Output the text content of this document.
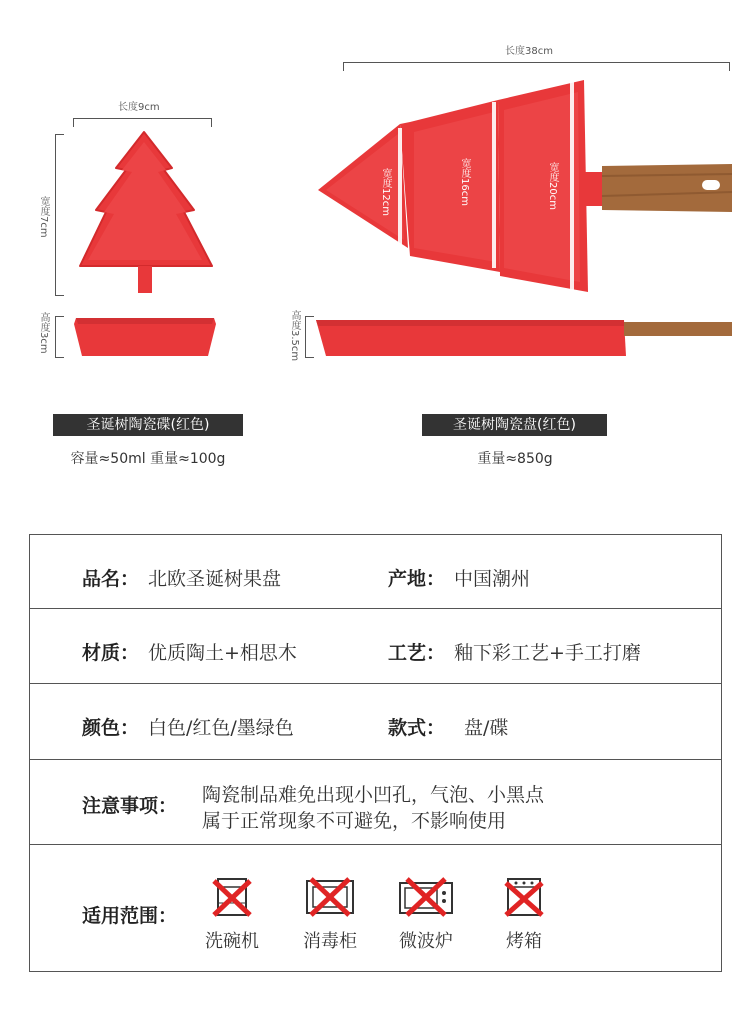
长度9cm
宽度7cm
高度3cm
长度38cm
宽度12cm	宽度16cm	宽度20cm
高度3.5cm
圣诞树陶瓷碟(红色)
容量≈50ml 重量≈100g
圣诞树陶瓷盘(红色)
重量≈850g
品名： 北欧圣诞树果盘	产地： 中国潮州
材质： 优质陶土+相思木	工艺： 釉下彩工艺+手工打磨
颜色： 白色/红色/墨绿色	款式： 盘/碟
注意事项： 陶瓷制品难免出现小凹孔，气泡、小黑点
属于正常现象不可避免，不影响使用
适用范围：
洗碗机 消毒柜 微波炉	烤箱
